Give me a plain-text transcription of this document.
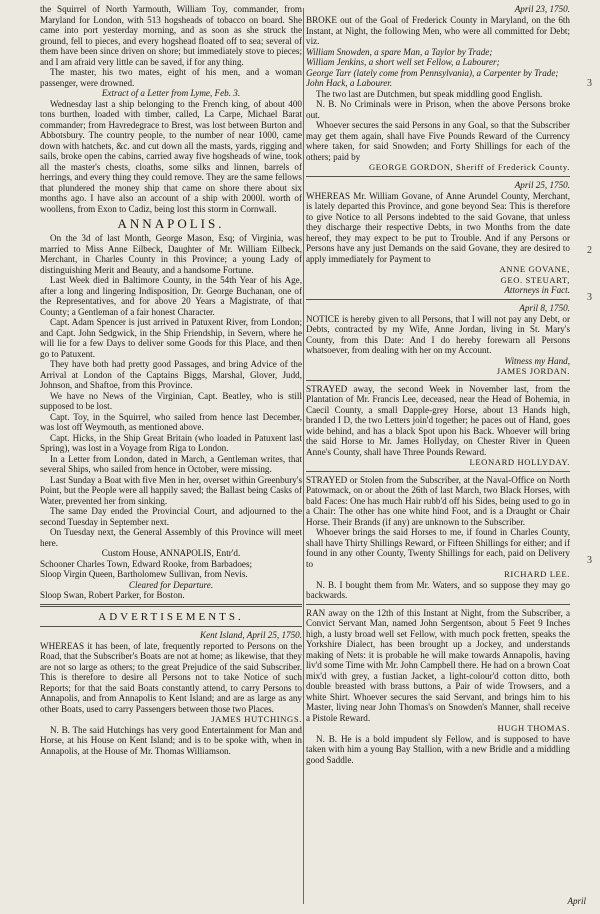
the Squirrel of North Yarmouth, William Toy, commander, from Maryland for London, with 513 hogsheads of tobacco on board. She came into port yesterday morning, and as soon as she struck the ground, fell to pieces, and every hogshead floated off to sea; several of them have been since driven on shore; but immediately stove to pieces; and I am afraid very little can be saved, if for any thing.

The master, his two mates, eight of his men, and a woman passenger, were drowned.

Extract of a Letter from Lyme, Feb. 3.

Wednesday last a ship belonging to the French king, of about 400 tons burthen, loaded with timber, called, La Carpe, Michael Barat commander; from Havredegrace to Brest, was lost between Burton and Abbotsbury. The country people, to the number of near 1000, came down with hatchets, &c. and cut down all the masts, yards, rigging and sails, broke open the cabins, carried away five hogsheads of wine, took all the master's chests, cloaths, some silks and linnen, barrels of herrings, and every thing they could remove. They are the same fellows that plundered the money ship that came on shore there about six months ago. I have also an account of a ship with 2000l. worth of woollens, from Exon to Cadiz, being lost this storm in Cornwall.

ANNAPOLIS.

On the 3d of last Month, George Mason, Esq; of Virginia, was married to Miss Anne Eilbeck, Daughter of Mr. William Eilbeck, Merchant, in Charles County in this Province; a young Lady of distinguishing Merit and Beauty, and a handsome Fortune.

Last Week died in Baltimore County, in the 54th Year of his Age, after a long and lingering Indisposition, Dr. George Buchanan, one of the Representatives, and for above 20 Years a Magistrate, of that County; a Gentleman of a fair honest Character.

Capt. Adam Spencer is just arrived in Patuxent River, from London; and Capt. John Sedgwick, in the Ship Friendship, in Severn, where he will lie for a few Days to deliver some Goods for this Place, and then go to Patuxent.

They have both had pretty good Passages, and bring Advice of the Arrival at London of the Captains Biggs, Marshal, Glover, Judd, Johnson, and Shaftoe, from this Province.

We have no News of the Virginian, Capt. Beatley, who is still supposed to be lost.

Capt. Toy, in the Squirrel, who sailed from hence last December, was lost off Weymouth, as mentioned above.

Capt. Hicks, in the Ship Great Britain (who loaded in Patuxent last Spring), was lost in a Voyage from Riga to London.

In a Letter from London, dated in March, a Gentleman writes, that several Ships, who sailed from hence in October, were missing.

Last Sunday a Boat with five Men in her, overset within Greenbury's Point, but the People were all happily saved; the Ballast being Casks of Water, prevented her from sinking.

The same Day ended the Provincial Court, and adjourned to the second Tuesday in September next.

On Tuesday next, the General Assembly of this Province will meet here.

Custom House, ANNAPOLIS, Entr'd.

Schooner Charles Town, Edward Rooke, from Barbadoes;

Sloop Virgin Queen, Bartholomew Sullivan, from Nevis.

Cleared for Departure.

Sloop Swan, Robert Parker, for Boston.

ADVERTISEMENTS.

Kent Island, April 25, 1750.

WHEREAS it has been, of late, frequently reported to Persons on the Road, that the Subscriber's Boats are not at home; as likewise, that they are not so large as others; to the great Prejudice of the said Subscriber. This is therefore to desire all Persons not to take Notice of such Reports; for that the said Boats constantly attend, to carry Persons to Annapolis, and from Annapolis to Kent Island; and are as large as any other Boats, used to carry Passengers between those two Places.

JAMES HUTCHINGS.

N. B. The said Hutchings has very good Entertainment for Man and Horse, at his House on Kent Island; and is to be spoke with, when in Annapolis, at the House of Mr. Thomas Williamson.

April 23, 1750.

BROKE out of the Goal of Frederick County in Maryland, on the 6th Instant, at Night, the following Men, who were all committed for Debt; viz.

William Snowden, a spare Man, a Taylor by Trade;

William Jenkins, a short well set Fellow, a Labourer;

George Tarr (lately come from Pennsylvania), a Carpenter by Trade;

John Hack, a Labourer.

The two last are Dutchmen, but speak middling good English.

N. B. No Criminals were in Prison, when the above Persons broke out.

Whoever secures the said Persons in any Goal, so that the Subscriber may get them again, shall have Five Pounds Reward of the Currency where taken, for said Snowden; and Forty Shillings for each of the others; paid by

GEORGE GORDON, Sheriff of Frederick County.

April 25, 1750.

WHEREAS Mr. William Govane, of Anne Arundel County, Merchant, is lately departed this Province, and gone beyond Sea: This is therefore to give Notice to all Persons indebted to the said Govane, that unless they discharge their respective Debts, in two Months from the date hereof, they may expect to be put to Trouble. And if any Persons or Persons have any just Demands on the said Govane, they are desired to apply immediately for Payment to

ANNE GOVANE,

GEO. STEUART,

Attorneys in Fact.

April 8, 1750.

NOTICE is hereby given to all Persons, that I will not pay any Debt, or Debts, contracted by my Wife, Anne Jordan, living in St. Mary's County, from this Date: And I do hereby forewarn all Persons whatsoever, from dealing with her on my Account.

Witness my Hand,

JAMES JORDAN.

STRAYED away, the second Week in November last, from the Plantation of Mr. Francis Lee, deceased, near the Head of Bohemia, in Caecil County, a small Dapple-grey Horse, about 13 Hands high, branded I D, the two Letters join'd together; he paces out of Hand, goes wide behind, and has a black Spot upon his Back. Whoever will bring the said Horse to Mr. James Hollyday, on Chester River in Queen Anne's County, shall have Three Pounds Reward.

LEONARD HOLLYDAY.

STRAYED or Stolen from the Subscriber, at the Naval-Office on North Patowmack, on or about the 26th of last March, two Black Horses, with bald Faces: One has much Hair rubb'd off his Sides, being used to go in a Chair: The other has one white hind Foot, and is a Draught or Chair Horse. Their Brands (if any) are unknown to the Subscriber.

Whoever brings the said Horses to me, if found in Charles County, shall have Thirty Shillings Reward, or Fifteen Shillings for either; and if found in any other County, Twenty Shillings for each, paid on Delivery to

RICHARD LEE.

N. B. I bought them from Mr. Waters, and so suppose they may go backwards.

RAN away on the 12th of this Instant at Night, from the Subscriber, a Convict Servant Man, named John Sergentson, about 5 Feet 9 Inches high, a lusty broad well set Fellow, with much pock fretten, speaks the Yorkshire Dialect, has been brought up a Jockey, and understands making of Nets: it is probable he will make towards Annapolis, having liv'd some Time with Mr. John Campbell there. He had on a brown Coat mix'd with grey, a fustian Jacket, a light-colour'd cotton ditto, both double breasted with brass buttons, a Pair of wide Trowsers, and a white Shirt. Whoever secures the said Servant, and brings him to his Master, living near John Thomas's on Snowden's Manner, shall receive a Pistole Reward.

HUGH THOMAS.

N. B. He is a bold impudent sly Fellow, and is supposed to have taken with him a young Bay Stallion, with a new Bridle and a middling good Saddle.

April
3
2
3
3
